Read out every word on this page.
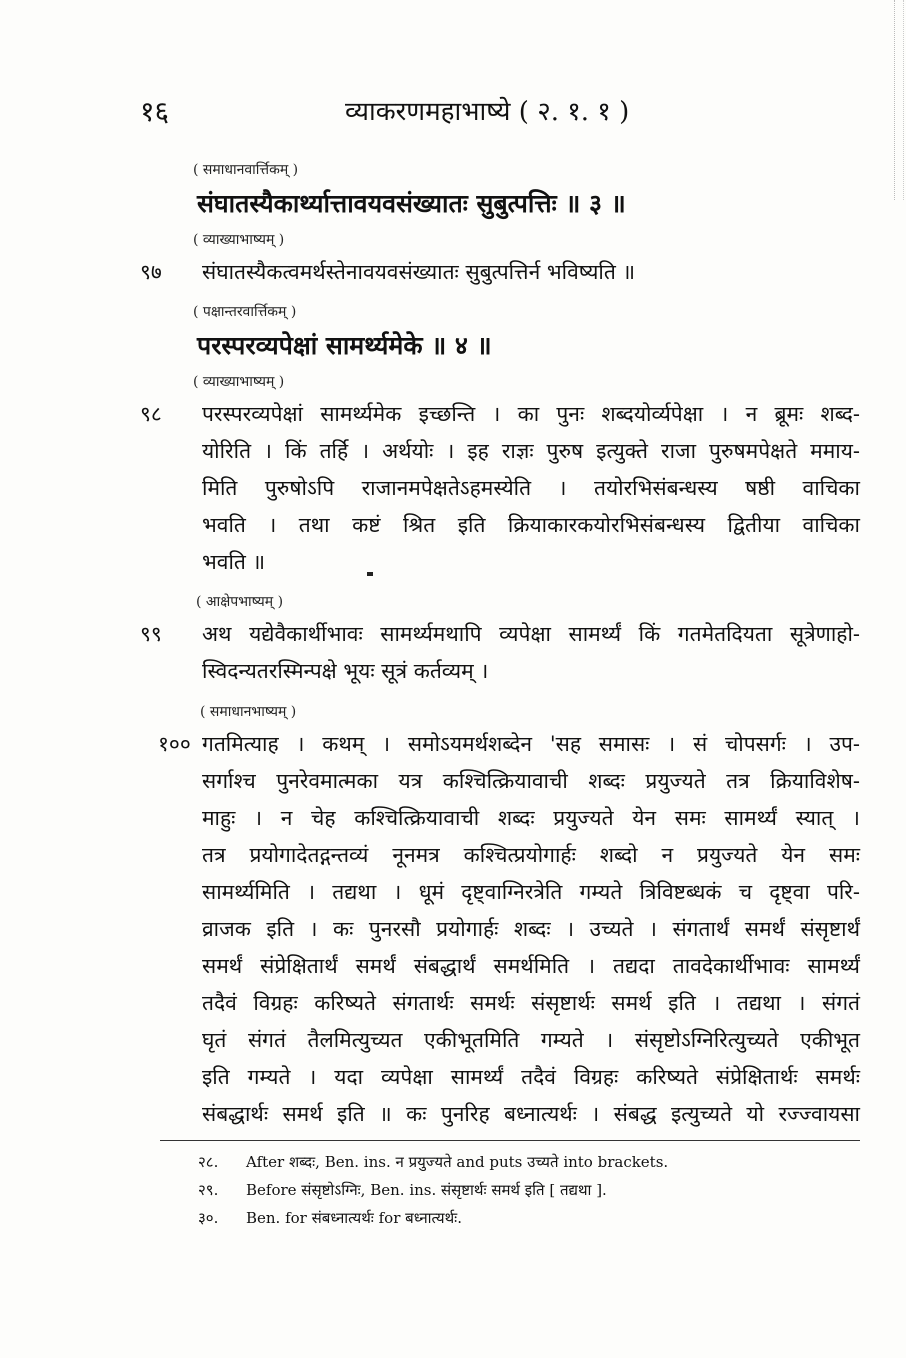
१६	व्याकरणमहाभाष्ये ( २. १. १ )
( समाधानवार्त्तिकम् )
संघातस्यैकार्थ्यात्तावयवसंख्यातः सुबुत्पत्तिः ॥ ३ ॥
( व्याख्याभाष्यम् )
९७ संघातस्यैकत्वमर्थस्तेनावयवसंख्यातः सुबुत्पत्तिर्न भविष्यति ॥
( पक्षान्तरवार्त्तिकम् )
परस्परव्यपेक्षां सामर्थ्यमेके ॥ ४ ॥
( व्याख्याभाष्यम् )
९८ परस्परव्यपेक्षां सामर्थ्यमेक इच्छन्ति । का पुनः शब्दयोर्व्यपेक्षा । न ब्रूमः शब्द-
योरिति । किं तर्हि । अर्थयोः । इह राज्ञः पुरुष इत्युक्ते राजा पुरुषमपेक्षते ममाय-
मिति पुरुषोऽपि राजानमपेक्षतेऽहमस्येति । तयोरभिसंबन्धस्य षष्ठी वाचिका
भवति । तथा कष्टं श्रित इति क्रियाकारकयोरभिसंबन्धस्य द्वितीया वाचिका
भवति ॥
( आक्षेपभाष्यम् )
९९ अथ यद्येवैकार्थीभावः सामर्थ्यमथापि व्यपेक्षा सामर्थ्यं किं गतमेतदियता सूत्रेणाहो-
स्विदन्यतरस्मिन्पक्षे भूयः सूत्रं कर्तव्यम् ।
( समाधानभाष्यम् )
१०० गतमित्याह । कथम् । समोऽयमर्थशब्देन 'सह समासः । सं चोपसर्गः । उप-
सर्गाश्च पुनरेवमात्मका यत्र कश्चित्क्रियावाची शब्दः प्रयुज्यते तत्र क्रियाविशेष-
माहुः । न चेह कश्चित्क्रियावाची शब्दः प्रयुज्यते येन समः सामर्थ्यं स्यात् ।
तत्र प्रयोगादेतद्गन्तव्यं नूनमत्र कश्चित्प्रयोगार्हः शब्दो न प्रयुज्यते येन समः
सामर्थ्यमिति । तद्यथा । धूमं दृष्ट्वाग्निरत्रेति गम्यते त्रिविष्टब्धकं च दृष्ट्वा परि-
व्राजक इति । कः पुनरसौ प्रयोगार्हः शब्दः । उच्यते । संगतार्थं समर्थं संसृष्टार्थं
समर्थं संप्रेक्षितार्थं समर्थं संबद्धार्थं समर्थमिति । तद्यदा तावदेकार्थीभावः सामर्थ्यं
तदैवं विग्रहः करिष्यते संगतार्थः समर्थः संसृष्टार्थः समर्थ इति । तद्यथा । संगतं
घृतं संगतं तैलमित्युच्यत एकीभूतमिति गम्यते । संसृष्टोऽग्निरित्युच्यते एकीभूत
इति गम्यते । यदा व्यपेक्षा सामर्थ्यं तदैवं विग्रहः करिष्यते संप्रेक्षितार्थः समर्थः
संबद्धार्थः समर्थ इति ॥ कः पुनरिह बध्नात्यर्थः । संबद्ध इत्युच्यते यो रज्ज्वायसा
२८. After शब्दः, Ben. ins. न प्रयुज्यते and puts उच्यते into brackets.
२९. Before संसृष्टोऽग्निः, Ben. ins. संसृष्टार्थः समर्थ इति [ तद्यथा ].
३०. Ben. for संबध्नात्यर्थः for बध्नात्यर्थः.
